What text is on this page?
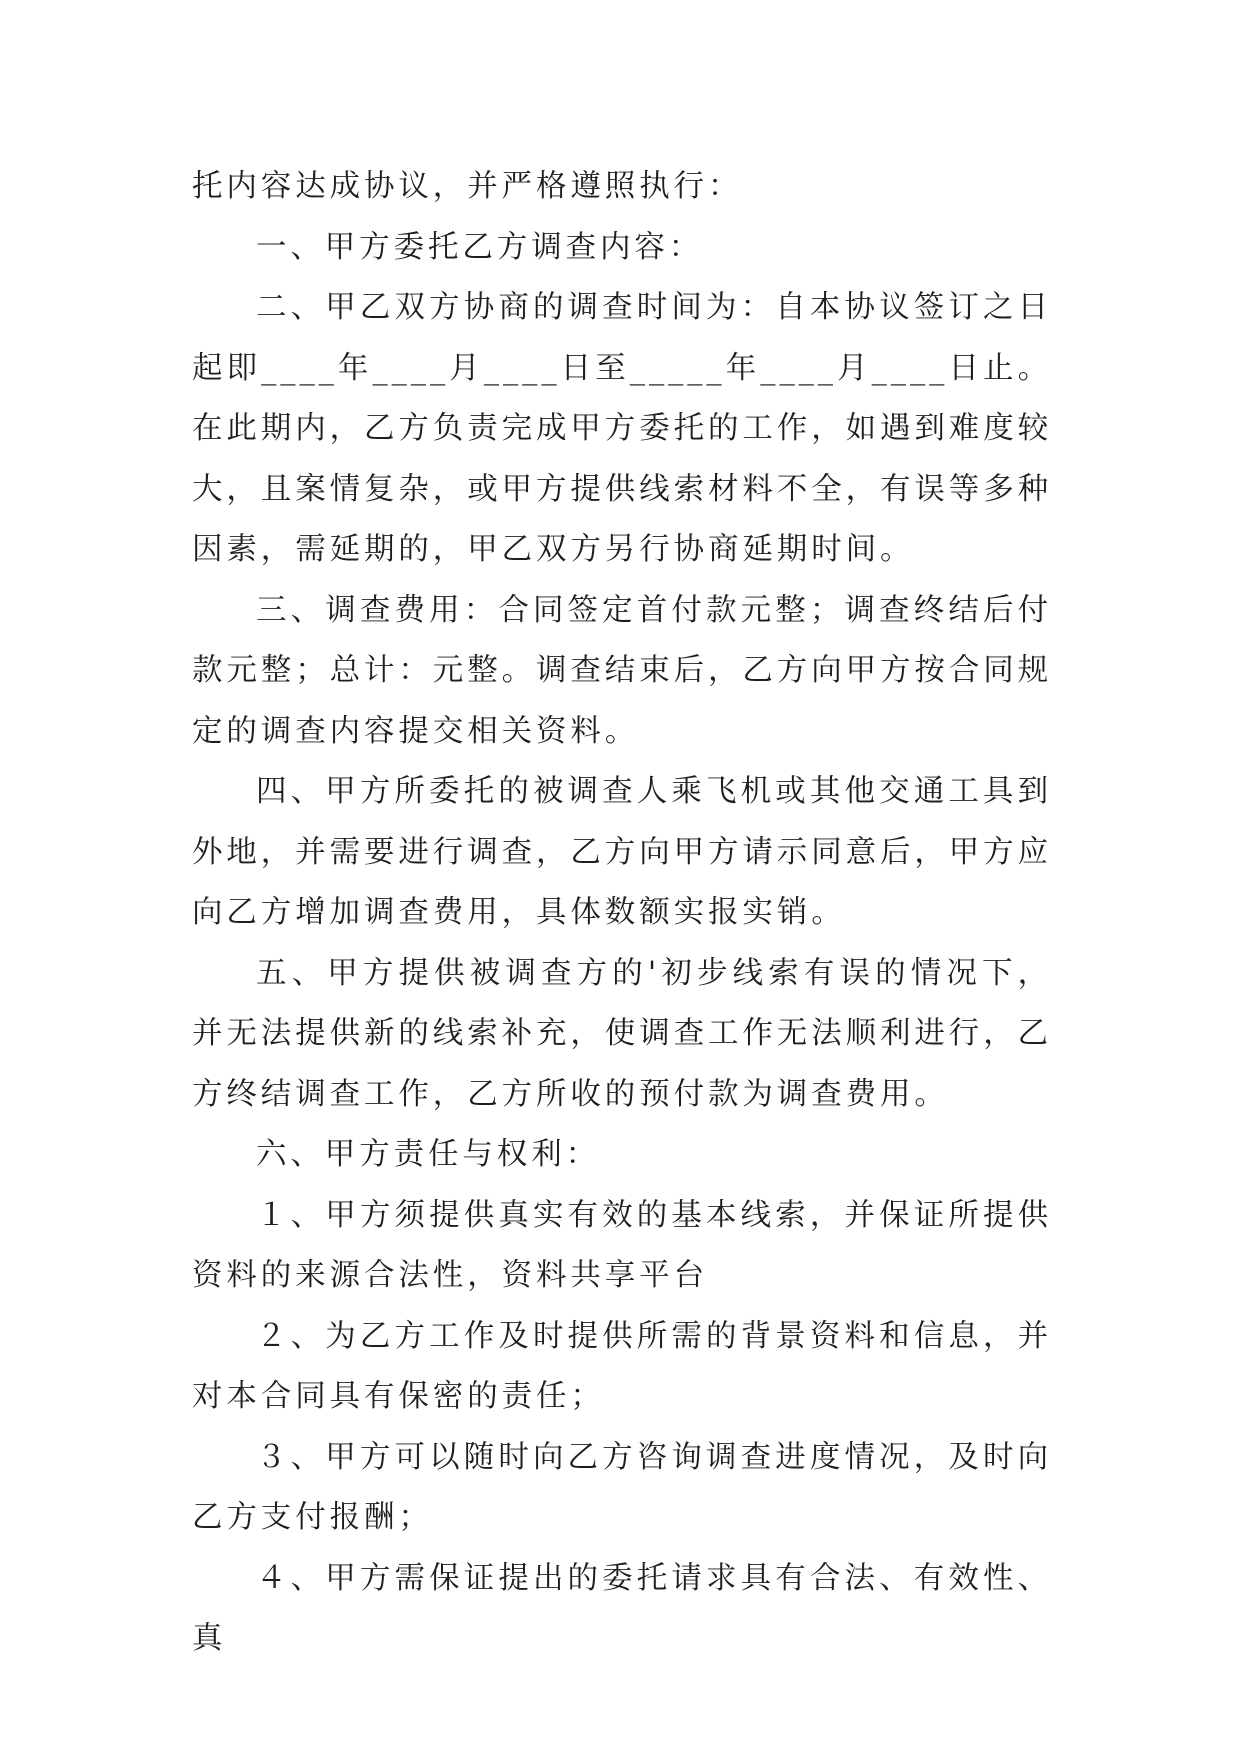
托内容达成协议，并严格遵照执行：

一、甲方委托乙方调查内容：

二、甲乙双方协商的调查时间为：自本协议签订之日起即____年____月____日至_____年____月____日止。在此期内，乙方负责完成甲方委托的工作，如遇到难度较大，且案情复杂，或甲方提供线索材料不全，有误等多种因素，需延期的，甲乙双方另行协商延期时间。

三、调查费用：合同签定首付款元整；调查终结后付款元整；总计：元整。调查结束后，乙方向甲方按合同规定的调查内容提交相关资料。

四、甲方所委托的被调查人乘飞机或其他交通工具到外地，并需要进行调查，乙方向甲方请示同意后，甲方应向乙方增加调查费用，具体数额实报实销。

五、甲方提供被调查方的'初步线索有误的情况下，并无法提供新的线索补充，使调查工作无法顺利进行，乙方终结调查工作，乙方所收的预付款为调查费用。

六、甲方责任与权利：

１、甲方须提供真实有效的基本线索，并保证所提供资料的来源合法性，资料共享平台

２、为乙方工作及时提供所需的背景资料和信息，并对本合同具有保密的责任；

３、甲方可以随时向乙方咨询调查进度情况，及时向乙方支付报酬；

４、甲方需保证提出的委托请求具有合法、有效性、真
